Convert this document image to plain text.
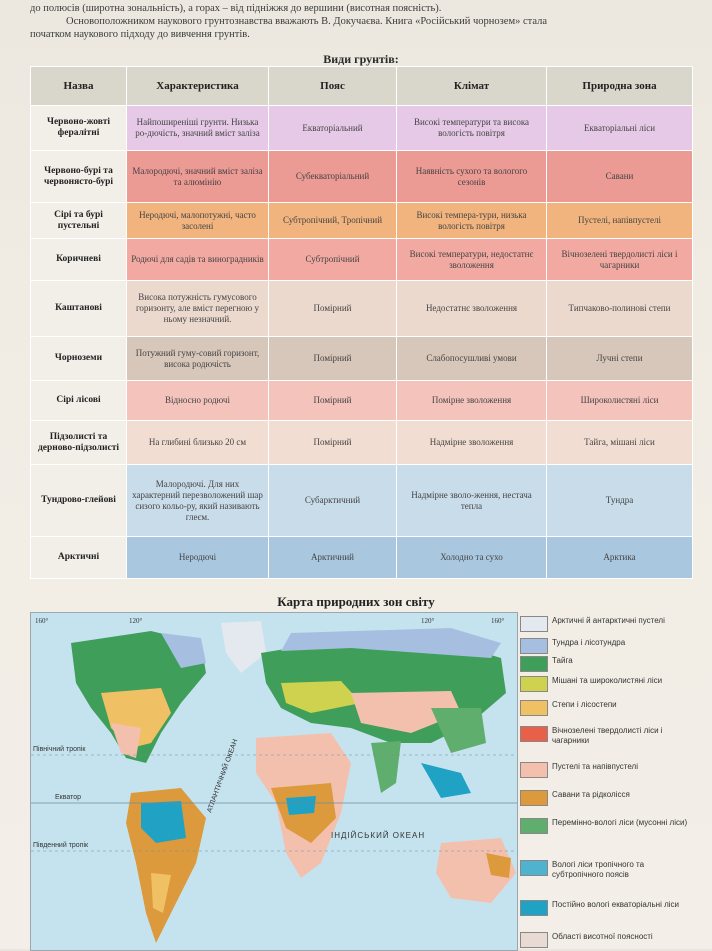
до полюсів (широтна зональність), а горах – від підніжжя до вершини (висотная поясність).

Основоположником наукового грунтознавства вважають В. Докучаєва. Книга «Російський чорнозем» стала

початком наукового підходу до вивчення грунтів.

Види грунтів:
Назва	Характеристика	Пояс	Клімат	Природна зона
Червоно-жовті фералітні	Найпоширеніші грунти. Низька ро-дючість, значний вміст заліза	Екваторіальний	Високі температури та висока вологість повітря	Екваторіальні ліси
Червоно-бурі та червонясто-бурі	Малородючі, значний вміст заліза та алюмінію	Субекваторіальний	Наявність сухого та вологого сезонів	Савани
Сірі та бурі пустельні	Неродючі, малопотужні, часто засолені	Субтропічний, Тропічний	Високі темпера-тури, низька вологість повітря	Пустелі, напівпустелі
Коричневі	Родючі для садів та виноградників	Субтропічний	Високі температури, недостатнє зволоження	Вічнозелені твердолисті ліси і чагарники
Каштанові	Висока потужність гумусового горизонту, але вміст перегною у ньому незначний.	Помірний	Недостатнє зволоження	Типчаково-полинові степи
Чорноземи	Потужний гуму-совий горизонт, висока родючість	Помірний	Слабопосушливі умови	Лучні степи
Сірі лісові	Відносно родючі	Помірний	Помірне зволоження	Широколистяні ліси
Підзолисті та дерново-підзолисті	На глибині близько 20 см	Помірний	Надмірне зволоження	Тайга, мішані ліси
Тундрово-глейові	Малородючі. Для них характерний перезволожений шар сизого кольо-ру, який називають глеєм.	Субарктичний	Надмірне зволо-ження, нестача тепла	Тундра
Арктичні	Неродючі	Арктичний	Холодно та сухо	Арктика
Карта природних зон світу
Північний тропік
Екватор
Південний тропік
ІНДІЙСЬКИЙ ОКЕАН
АТЛАНТИЧНИЙ ОКЕАН
160°	120°	120°	160°	Арктичні й антарктичні пустелі
Тундра і лісотундра
Тайга
Мішані та широколистяні ліси
Степи і лісостепи
Вічнозелені твердолисті ліси і чагарники
Пустелі та напівпустелі
Савани та рідколісся
Перемінно-вологі ліси (мусонні ліси)
Вологі ліси тропічного та субтропічного поясів
Постійно вологі екваторіальні ліси
Області висотної поясності
